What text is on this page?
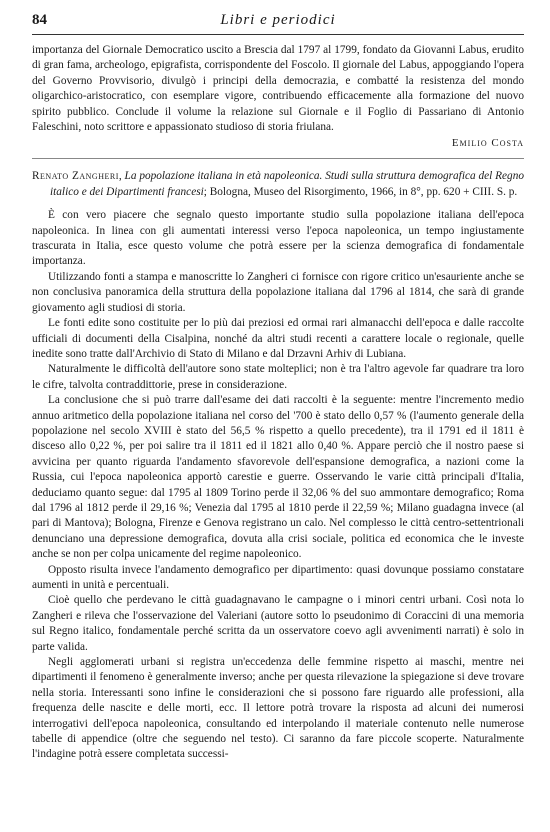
84	Libri e periodici

importanza del Giornale Democratico uscito a Brescia dal 1797 al 1799, fondato da Giovanni Labus, erudito di gran fama, archeologo, epigrafista, corrispondente del Foscolo. Il giornale del Labus, appoggiando l'opera del Governo Provvisorio, divulgò i principi della democrazia, e combatté la resistenza del mondo oligarchico-aristocratico, con esemplare vigore, contribuendo efficacemente alla formazione del nuovo spirito pubblico. Conclude il volume la relazione sul Giornale e il Foglio di Passariano di Antonio Faleschini, noto scrittore e appassionato studioso di storia friulana.

Emilio Costa
Renato Zangheri, La popolazione italiana in età napoleonica. Studi sulla struttura demografica del Regno italico e dei Dipartimenti francesi; Bologna, Museo del Risorgimento, 1966, in 8°, pp. 620 + CIII. S. p.

È con vero piacere che segnalo questo importante studio sulla popolazione italiana dell'epoca napoleonica. In linea con gli aumentati interessi verso l'epoca napoleonica, un tempo ingiustamente trascurata in Italia, esce questo volume che potrà essere per la scienza demografica di fondamentale importanza.

Utilizzando fonti a stampa e manoscritte lo Zangheri ci fornisce con rigore critico un'esauriente anche se non conclusiva panoramica della struttura della popolazione italiana dal 1796 al 1814, che sarà di grande giovamento agli studiosi di storia.

Le fonti edite sono costituite per lo più dai preziosi ed ormai rari almanacchi dell'epoca e dalle raccolte ufficiali di documenti della Cisalpina, nonché da altri studi recenti a carattere locale o regionale, quelle inedite sono tratte dall'Archivio di Stato di Milano e dal Drzavni Arhiv di Lubiana.

Naturalmente le difficoltà dell'autore sono state molteplici; non è tra l'altro agevole far quadrare tra loro le cifre, talvolta contraddittorie, prese in considerazione.

La conclusione che si può trarre dall'esame dei dati raccolti è la seguente: mentre l'incremento medio annuo aritmetico della popolazione italiana nel corso del '700 è stato dello 0,57 % (l'aumento generale della popolazione nel secolo XVIII è stato del 56,5 % rispetto a quello precedente), tra il 1791 ed il 1811 è disceso allo 0,22 %, per poi salire tra il 1811 ed il 1821 allo 0,40 %. Appare perciò che il nostro paese si avvicina per quanto riguarda l'andamento sfavorevole dell'espansione demografica, a nazioni come la Russia, cui l'epoca napoleonica apportò carestie e guerre. Osservando le varie città principali d'Italia, deduciamo quanto segue: dal 1795 al 1809 Torino perde il 32,06 % del suo ammontare demografico; Roma dal 1796 al 1812 perde il 29,16 %; Venezia dal 1795 al 1810 perde il 22,59 %; Milano guadagna invece (al pari di Mantova); Bologna, Firenze e Genova registrano un calo. Nel complesso le città centro-settentrionali denunciano una depressione demografica, dovuta alla crisi sociale, politica ed economica che le investe anche se non per colpa unicamente del regime napoleonico.

Opposto risulta invece l'andamento demografico per dipartimento: quasi dovunque possiamo constatare aumenti in unità e percentuali.

Cioè quello che perdevano le città guadagnavano le campagne o i minori centri urbani. Così nota lo Zangheri e rileva che l'osservazione del Valeriani (autore sotto lo pseudonimo di Coraccini di una memoria sul Regno italico, fondamentale perché scritta da un osservatore coevo agli avvenimenti narrati) è solo in parte valida.

Negli agglomerati urbani si registra un'eccedenza delle femmine rispetto ai maschi, mentre nei dipartimenti il fenomeno è generalmente inverso; anche per questa rilevazione la spiegazione si deve trovare nella storia. Interessanti sono infine le considerazioni che si possono fare riguardo alle professioni, alla frequenza delle nascite e delle morti, ecc. Il lettore potrà trovare la risposta ad alcuni dei numerosi interrogativi dell'epoca napoleonica, consultando ed interpolando il materiale contenuto nelle numerose tabelle di appendice (oltre che seguendo nel testo). Ci saranno da fare piccole scoperte. Naturalmente l'indagine potrà essere completata successi-
